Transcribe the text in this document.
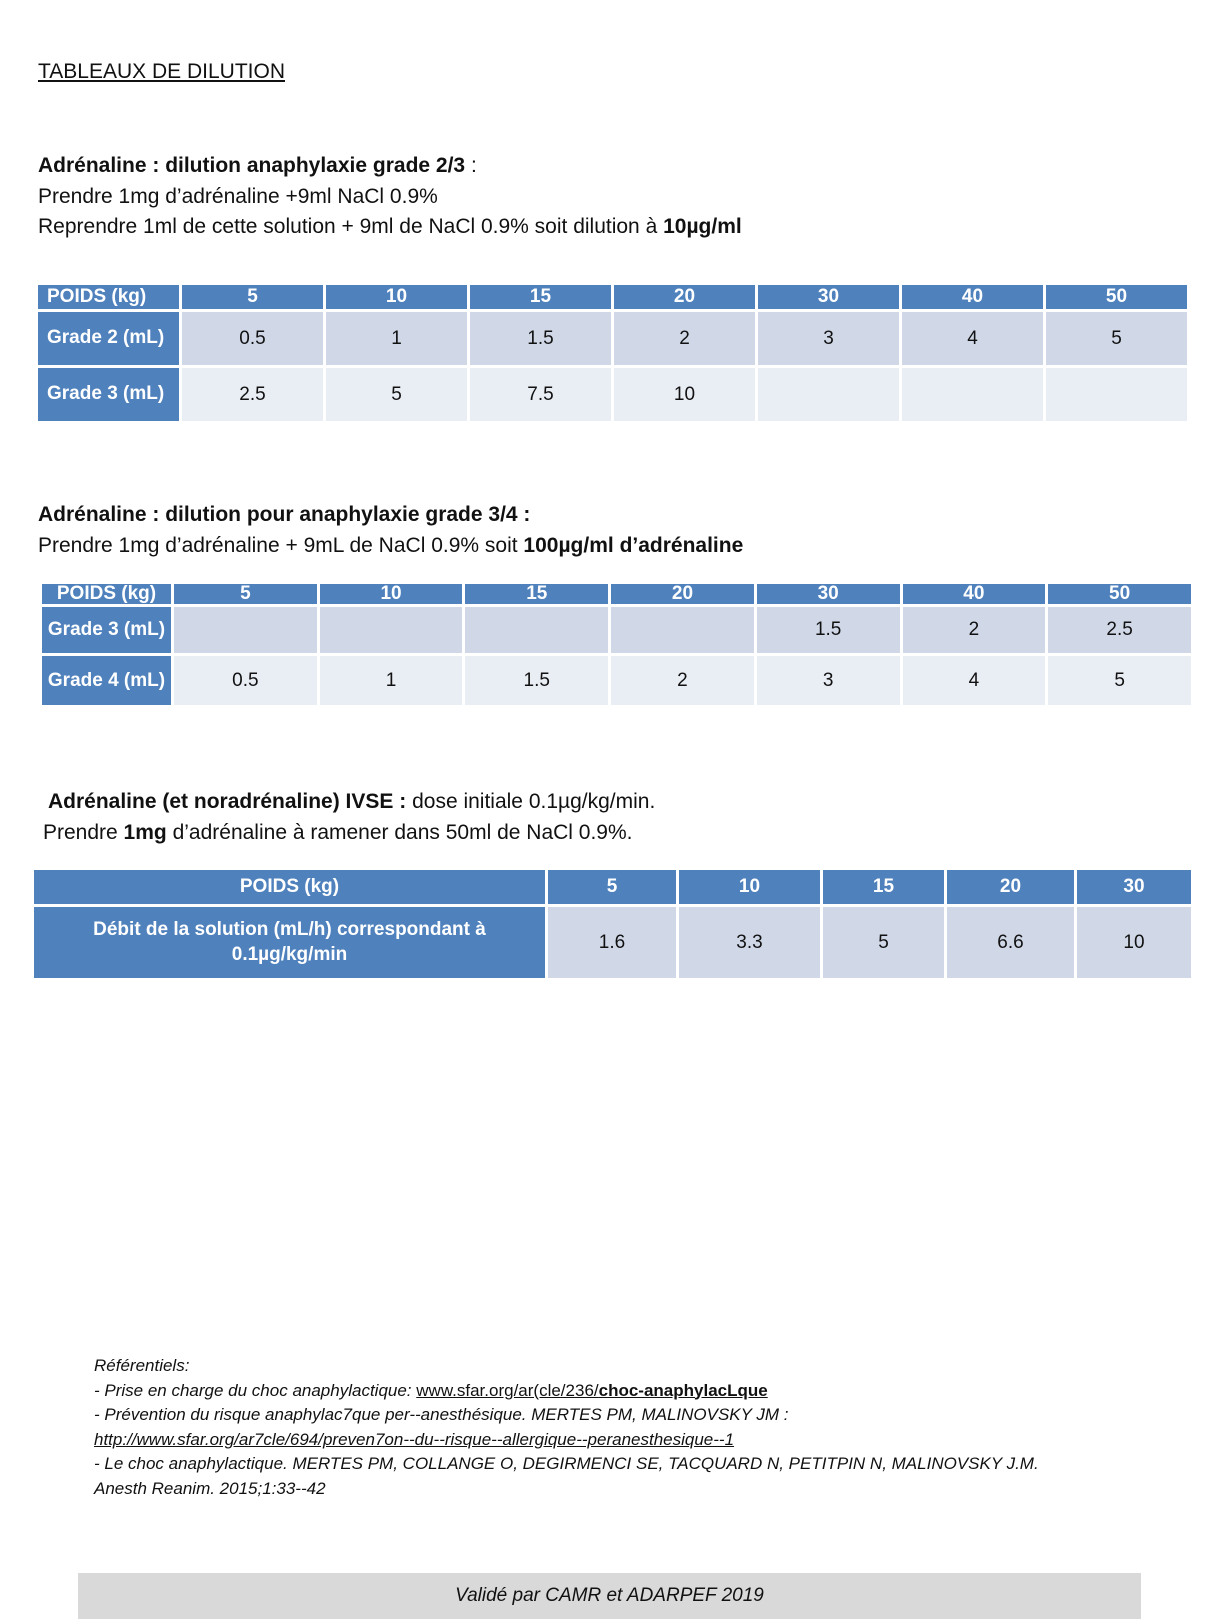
TABLEAUX DE DILUTION
Adrénaline : dilution anaphylaxie grade 2/3 :
Prendre 1mg d’adrénaline +9ml NaCl 0.9%
Reprendre 1ml de cette solution + 9ml de NaCl 0.9% soit dilution à 10µg/ml
POIDS (kg)	5	10	15	20	30	40	50
Grade 2 (mL)	0.5	1	1.5	2	3	4	5
Grade 3 (mL)	2.5	5	7.5	10			
Adrénaline : dilution pour anaphylaxie grade 3/4 :
Prendre 1mg d’adrénaline + 9mL de NaCl 0.9% soit 100µg/ml d’adrénaline
POIDS (kg)	5	10	15	20	30	40	50
Grade 3 (mL)					1.5	2	2.5
Grade 4 (mL)	0.5	1	1.5	2	3	4	5
Adrénaline (et noradrénaline) IVSE : dose initiale 0.1µg/kg/min.
Prendre 1mg d’adrénaline à ramener dans 50ml de NaCl 0.9%.
POIDS (kg)	5	10	15	20	30
Débit de la solution (mL/h) correspondant à 0.1µg/kg/min	1.6	3.3	5	6.6	10
Référentiels:
- Prise en charge du choc anaphylactique: www.sfar.org/ar(cle/236/choc-anaphylacLque
- Prévention du risque anaphylac7que per--anesthésique. MERTES PM, MALINOVSKY JM :
http://www.sfar.org/ar7cle/694/preven7on--du--risque--allergique--peranesthesique--1
- Le choc anaphylactique. MERTES PM, COLLANGE O, DEGIRMENCI SE, TACQUARD N, PETITPIN N, MALINOVSKY J.M.
Anesth Reanim. 2015;1:33--42
Validé par CAMR et ADARPEF 2019
